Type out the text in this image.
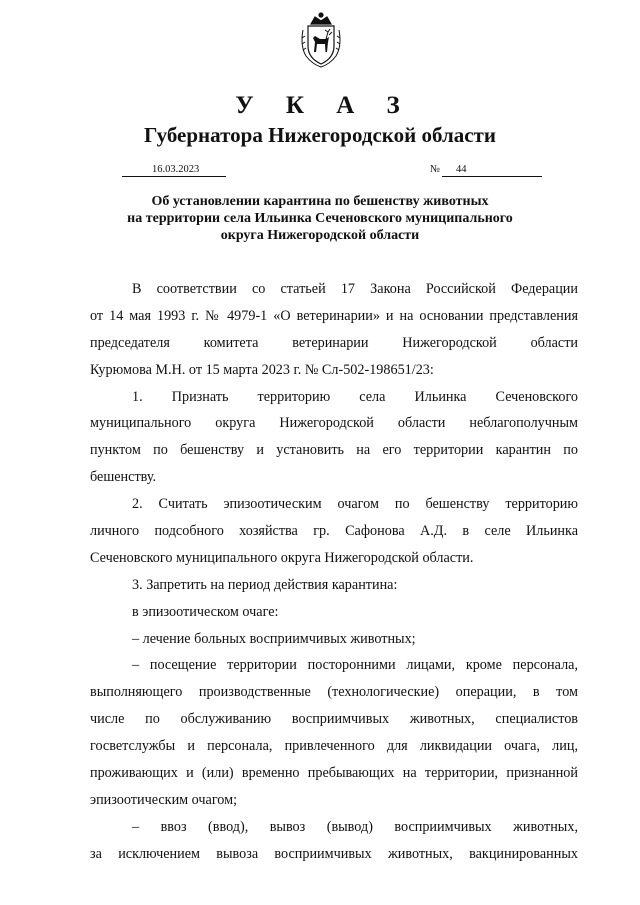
У К А З
Губернатора Нижегородской области
16.03.2023	№	44
Об установлении карантина по бешенству животных
на территории села Ильинка Сеченовского муниципального
округа Нижегородской области
В соответствии со статьей 17 Закона Российской Федерации
от 14 мая 1993 г. № 4979-1 «О ветеринарии» и на основании представления
председателя комитета ветеринарии Нижегородской области
Курюмова М.Н. от 15 марта 2023 г. № Сл-502-198651/23:
1. Признать территорию села Ильинка Сеченовского
муниципального округа Нижегородской области неблагополучным
пунктом по бешенству и установить на его территории карантин по
бешенству.
2. Считать эпизоотическим очагом по бешенству территорию
личного подсобного хозяйства гр. Сафонова А.Д. в селе Ильинка
Сеченовского муниципального округа Нижегородской области.
3. Запретить на период действия карантина:
в эпизоотическом очаге:
– лечение больных восприимчивых животных;
– посещение территории посторонними лицами, кроме персонала,
выполняющего производственные (технологические) операции, в том
числе по обслуживанию восприимчивых животных, специалистов
госветслужбы и персонала, привлеченного для ликвидации очага, лиц,
проживающих и (или) временно пребывающих на территории, признанной
эпизоотическим очагом;
– ввоз (ввод), вывоз (вывод) восприимчивых животных,
за исключением вывоза восприимчивых животных, вакцинированных
